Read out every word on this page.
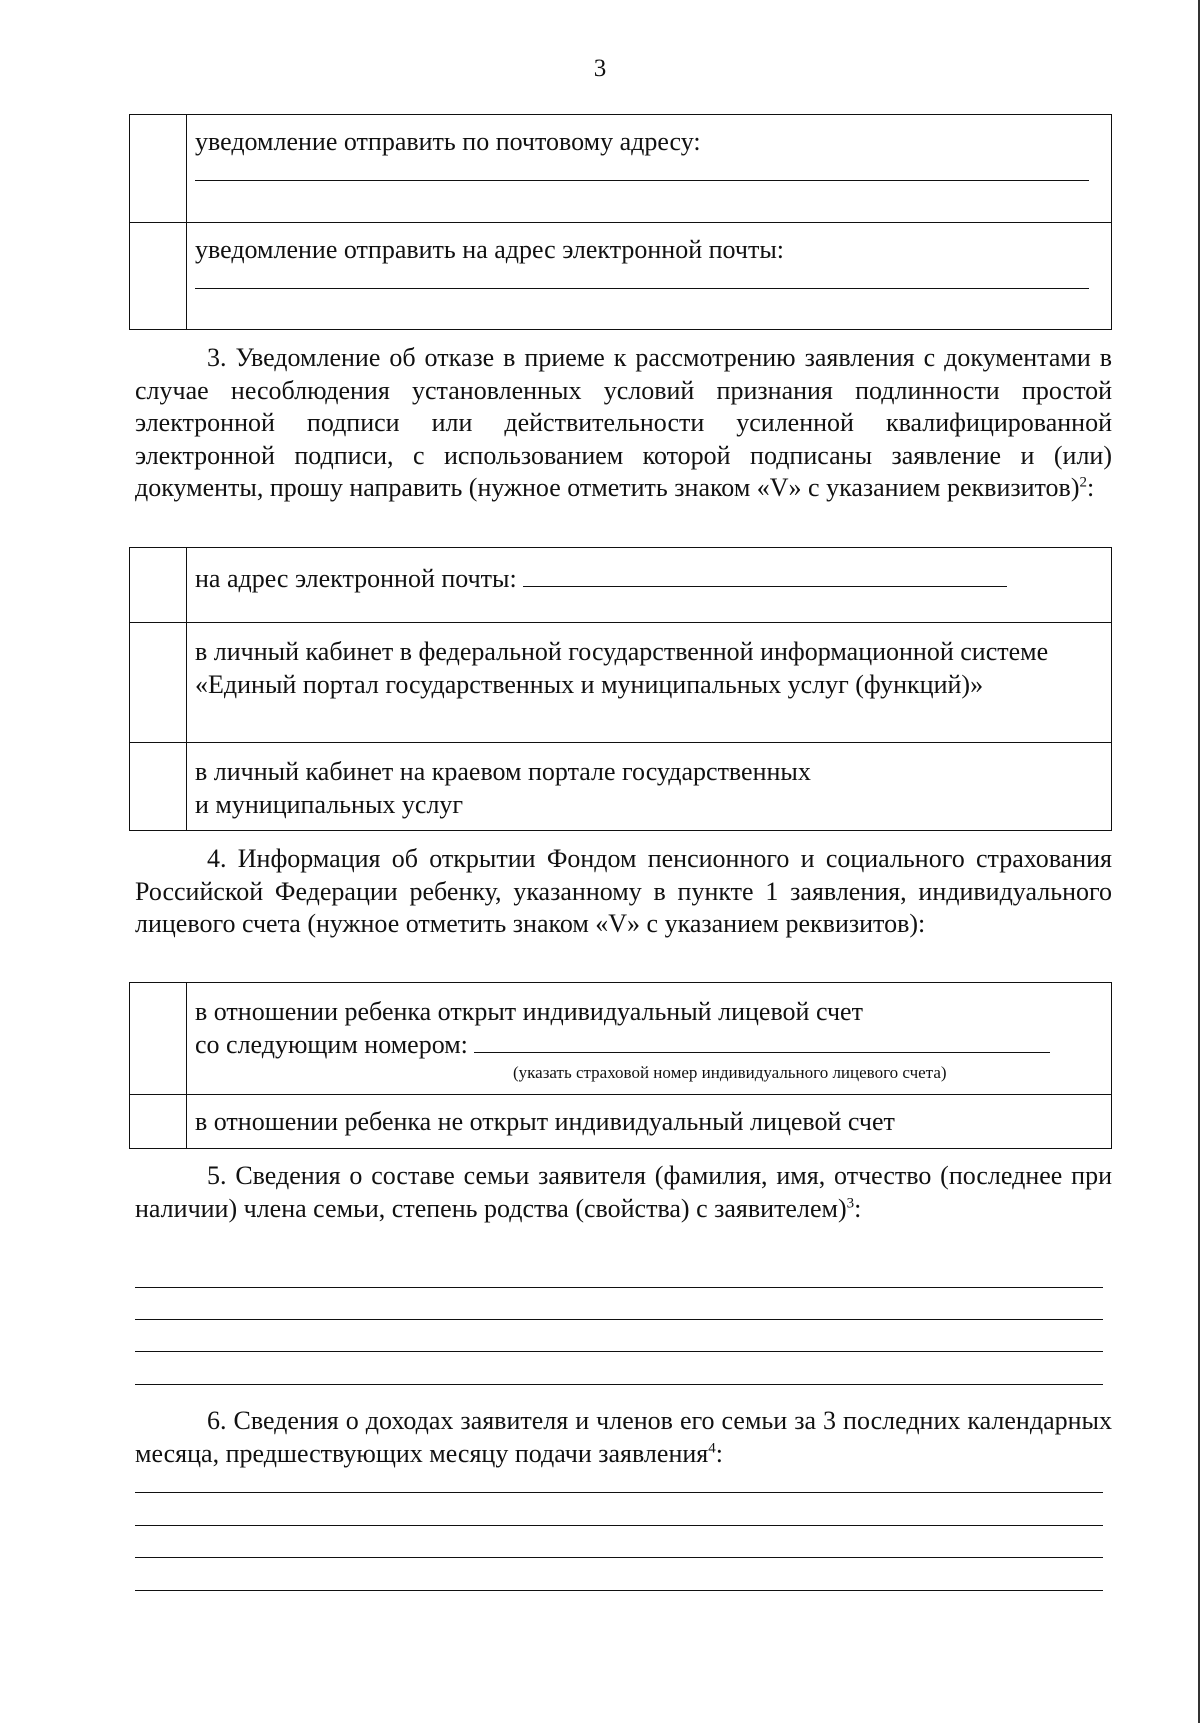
3

	уведомление отправить по почтовому адресу:

	уведомление отправить на адрес электронной почты:
3. Уведомление об отказе в приеме к рассмотрению заявления с документами в случае несоблюдения установленных условий признания подлинности простой электронной подписи или действительности усиленной квалифицированной электронной подписи, с использованием которой подписаны заявление и (или) документы, прошу направить (нужное отметить знаком «V» с указанием реквизитов)$^2$:
	на адрес электронной почты:
	в личный кабинет в федеральной государственной информационной системе «Единый портал государственных и муниципальных услуг (функций)»

	в личный кабинет на краевом портале государственных
и муниципальных услуг
4. Информация об открытии Фондом пенсионного и социального страхования Российской Федерации ребенку, указанному в пункте 1 заявления, индивидуального лицевого счета (нужное отметить знаком «V» с указанием реквизитов):

	в отношении ребенка открыт индивидуальный лицевой счет
со следующим номером:
(указать страховой номер индивидуального лицевого счета)

	в отношении ребенка не открыт индивидуальный лицевой счет
5. Сведения о составе семьи заявителя (фамилия, имя, отчество (последнее при наличии) члена семьи, степень родства (свойства) с заявителем)$^3$:
6. Сведения о доходах заявителя и членов его семьи за 3 последних календарных месяца, предшествующих месяцу подачи заявления$^4$:
